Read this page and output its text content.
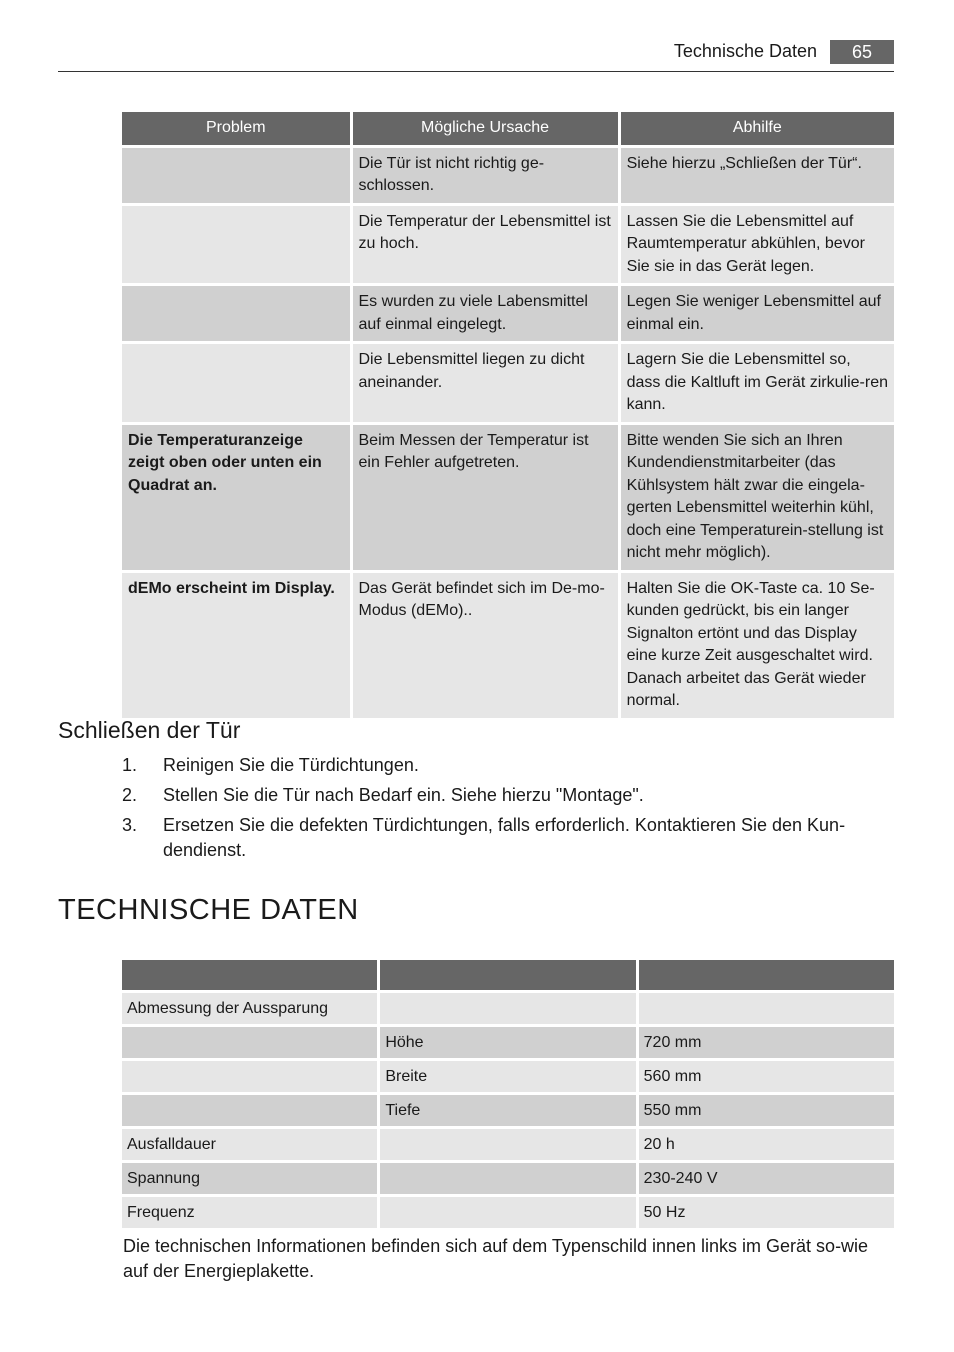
Technische Daten	65
Problem	Mögliche Ursache	Abhilfe
	Die Tür ist nicht richtig ge-schlossen.	Siehe hierzu „Schließen der Tür“.
	Die Temperatur der Lebensmittel ist zu hoch.	Lassen Sie die Lebensmittel auf Raumtemperatur abkühlen, bevor Sie sie in das Gerät legen.
	Es wurden zu viele Labensmittel auf einmal eingelegt.	Legen Sie weniger Lebensmittel auf einmal ein.
	Die Lebensmittel liegen zu dicht aneinander.	Lagern Sie die Lebensmittel so, dass die Kaltluft im Gerät zirkulie-ren kann.
Die Temperaturanzeige zeigt oben oder unten ein Quadrat an.	Beim Messen der Temperatur ist ein Fehler aufgetreten.	Bitte wenden Sie sich an Ihren Kundendienstmitarbeiter (das Kühlsystem hält zwar die eingela-gerten Lebensmittel weiterhin kühl, doch eine Temperaturein-stellung ist nicht mehr möglich).
dEMo erscheint im Display.	Das Gerät befindet sich im De-mo-Modus (dEMo)..	Halten Sie die OK-Taste ca. 10 Se-kunden gedrückt, bis ein langer Signalton ertönt und das Display eine kurze Zeit ausgeschaltet wird. Danach arbeitet das Gerät wieder normal.
Schließen der Tür
1. Reinigen Sie die Türdichtungen.
2. Stellen Sie die Tür nach Bedarf ein. Siehe hierzu "Montage".
3. Ersetzen Sie die defekten Türdichtungen, falls erforderlich. Kontaktieren Sie den Kun-dendienst.
TECHNISCHE DATEN

Abmessung der Aussparung		
	Höhe	720 mm
	Breite	560 mm
	Tiefe	550 mm
Ausfalldauer		20 h
Spannung		230-240 V
Frequenz		50 Hz

Die technischen Informationen befinden sich auf dem Typenschild innen links im Gerät so-wie auf der Energieplakette.
